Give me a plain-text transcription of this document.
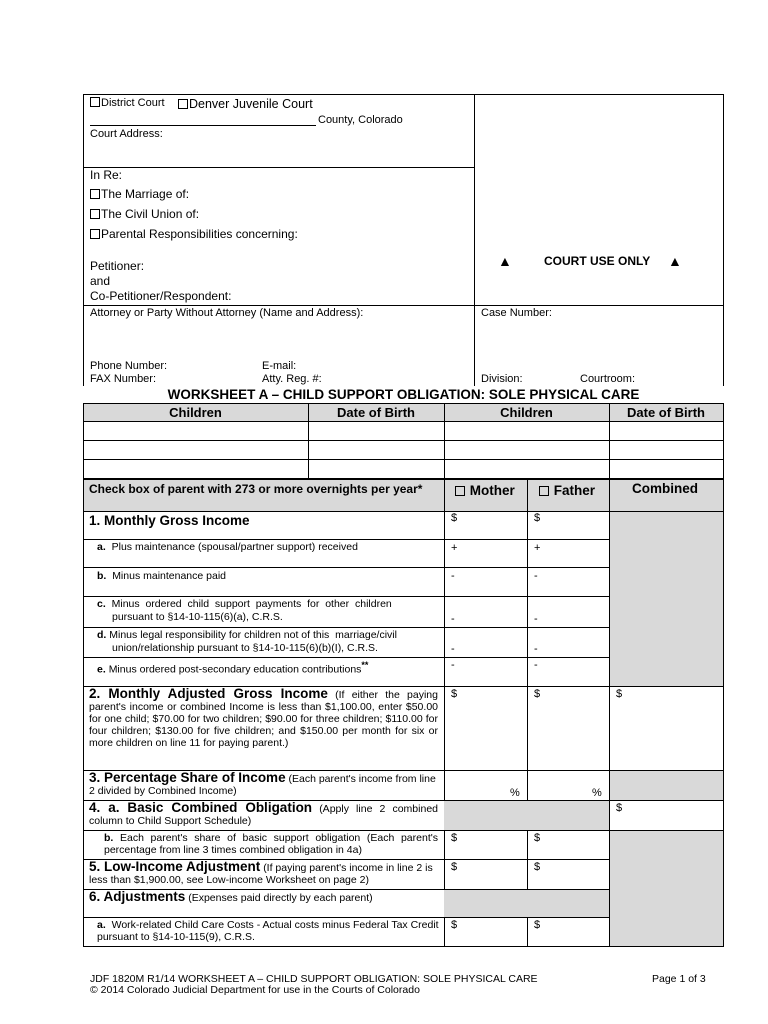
District Court	Denver Juvenile Court
County, Colorado
Court Address:
In Re:
The Marriage of:
The Civil Union of:
Parental Responsibilities concerning:
Petitioner:
and
Co-Petitioner/Respondent:
▲	COURT USE ONLY ▲
Attorney or Party Without Attorney (Name and Address):
Phone Number:	E-mail:
FAX Number:	Atty. Reg. #:
Case Number:
Division:	Courtroom:
WORKSHEET A – CHILD SUPPORT OBLIGATION: SOLE PHYSICAL CARE
Children	Date of Birth	Children	Date of Birth
Check box of parent with 273 or more overnights per year*	Mother	Father	Combined
1. Monthly Gross Income	$	$
a. Plus maintenance (spousal/partner support) received	+	+
b. Minus maintenance paid	-	-
c. Minus  ordered  child  support  payments  for  other  children
pursuant to §14-10-115(6)(a), C.R.S.	-	-
d. Minus legal responsibility for children not of this  marriage/civil
union/relationship pursuant to §14-10-115(6)(b)(I), C.R.S.	-	-
e. Minus ordered post-secondary education contributions**	-	-
2. Monthly Adjusted Gross Income (If either the paying parent's income or combined Income is less than $1,100.00, enter $50.00 for one child; $70.00 for two children; $90.00 for three children; $110.00 for four children; $130.00 for five children; and $150.00 per month for six or more children on line 11 for paying parent.)
$	$	$
3. Percentage Share of Income (Each parent's income from line 2 divided by Combined Income)	%	%
4. a. Basic Combined Obligation (Apply line 2 combined column to Child Support Schedule)
$
b. Each parent's share of basic support obligation (Each parent's percentage from line 3 times combined obligation in 4a)
$	$
5. Low-Income Adjustment (If paying parent's income in line 2 is less than $1,900.00, see Low-income Worksheet on page 2)
$	$
6. Adjustments (Expenses paid directly by each parent)
a. Work-related Child Care Costs - Actual costs minus Federal Tax Credit pursuant to §14-10-115(9), C.R.S.
$	$
JDF 1820M R1/14 WORKSHEET A – CHILD SUPPORT OBLIGATION: SOLE PHYSICAL CARE
© 2014 Colorado Judicial Department for use in the Courts of Colorado
Page 1 of 3
